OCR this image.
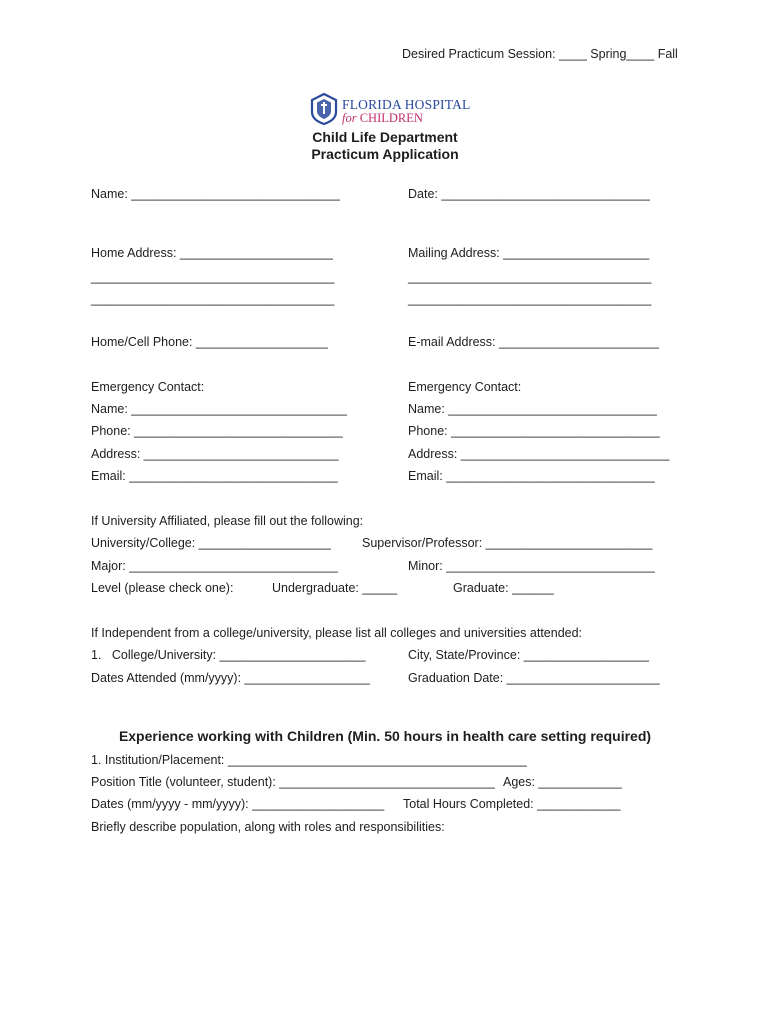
Desired Practicum Session: ____ Spring____ Fall
FLORIDA HOSPITAL
for CHILDREN
Child Life Department
Practicum Application
Name: ______________________________	Date: ______________________________
Home Address: ______________________	Mailing Address: _____________________
___________________________________	___________________________________
___________________________________	___________________________________
Home/Cell Phone: ___________________	E-mail Address: _______________________
Emergency Contact:	Emergency Contact:
Name: _______________________________	Name: ______________________________
Phone: ______________________________	Phone: ______________________________
Address: ____________________________	Address: ______________________________
Email: ______________________________	Email: ______________________________
If University Affiliated, please fill out the following:
University/College: ___________________ Supervisor/Professor: ________________________
Major: ______________________________	Minor: ______________________________
Level (please check one):	Undergraduate: _____	Graduate: ______
If Independent from a college/university, please list all colleges and universities attended:
1.   College/University: _____________________	City, State/Province: __________________
Dates Attended (mm/yyyy): __________________	Graduation Date: ______________________
Experience working with Children (Min. 50 hours in health care setting required)
1. Institution/Placement: ___________________________________________
Position Title (volunteer, student): _______________________________ Ages: ____________
Dates (mm/yyyy - mm/yyyy): ___________________ Total Hours Completed: ____________
Briefly describe population, along with roles and responsibilities:
